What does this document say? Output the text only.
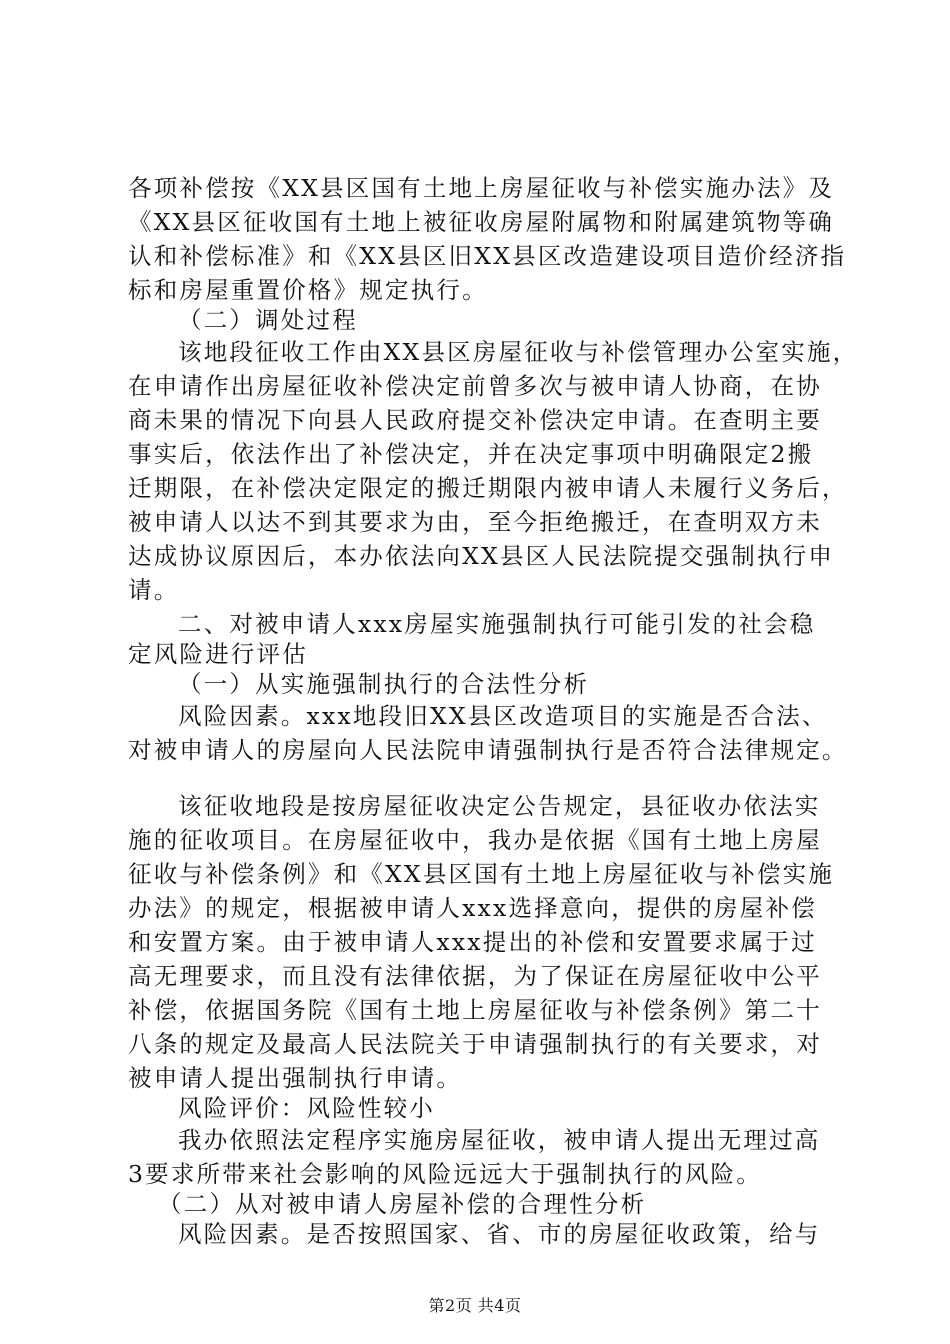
各项补偿按《XX县区国有土地上房屋征收与补偿实施办法》及
《XX县区征收国有土地上被征收房屋附属物和附属建筑物等确
认和补偿标准》和《XX县区旧XX县区改造建设项目造价经济指
标和房屋重置价格》规定执行。
（二）调处过程
该地段征收工作由XX县区房屋征收与补偿管理办公室实施，
在申请作出房屋征收补偿决定前曾多次与被申请人协商，在协
商未果的情况下向县人民政府提交补偿决定申请。在查明主要
事实后，依法作出了补偿决定，并在决定事项中明确限定2搬
迁期限，在补偿决定限定的搬迁期限内被申请人未履行义务后，
被申请人以达不到其要求为由，至今拒绝搬迁，在查明双方未
达成协议原因后，本办依法向XX县区人民法院提交强制执行申
请。
二、对被申请人xxx房屋实施强制执行可能引发的社会稳
定风险进行评估
（一）从实施强制执行的合法性分析
风险因素。xxx地段旧XX县区改造项目的实施是否合法、
对被申请人的房屋向人民法院申请强制执行是否符合法律规定。
该征收地段是按房屋征收决定公告规定，县征收办依法实
施的征收项目。在房屋征收中，我办是依据《国有土地上房屋
征收与补偿条例》和《XX县区国有土地上房屋征收与补偿实施
办法》的规定，根据被申请人xxx选择意向，提供的房屋补偿
和安置方案。由于被申请人xxx提出的补偿和安置要求属于过
高无理要求，而且没有法律依据，为了保证在房屋征收中公平
补偿，依据国务院《国有土地上房屋征收与补偿条例》第二十
八条的规定及最高人民法院关于申请强制执行的有关要求，对
被申请人提出强制执行申请。
风险评价：风险性较小
我办依照法定程序实施房屋征收，被申请人提出无理过高
3要求所带来社会影响的风险远远大于强制执行的风险。
（二）从对被申请人房屋补偿的合理性分析
风险因素。是否按照国家、省、市的房屋征收政策，给与
第2页 共4页
